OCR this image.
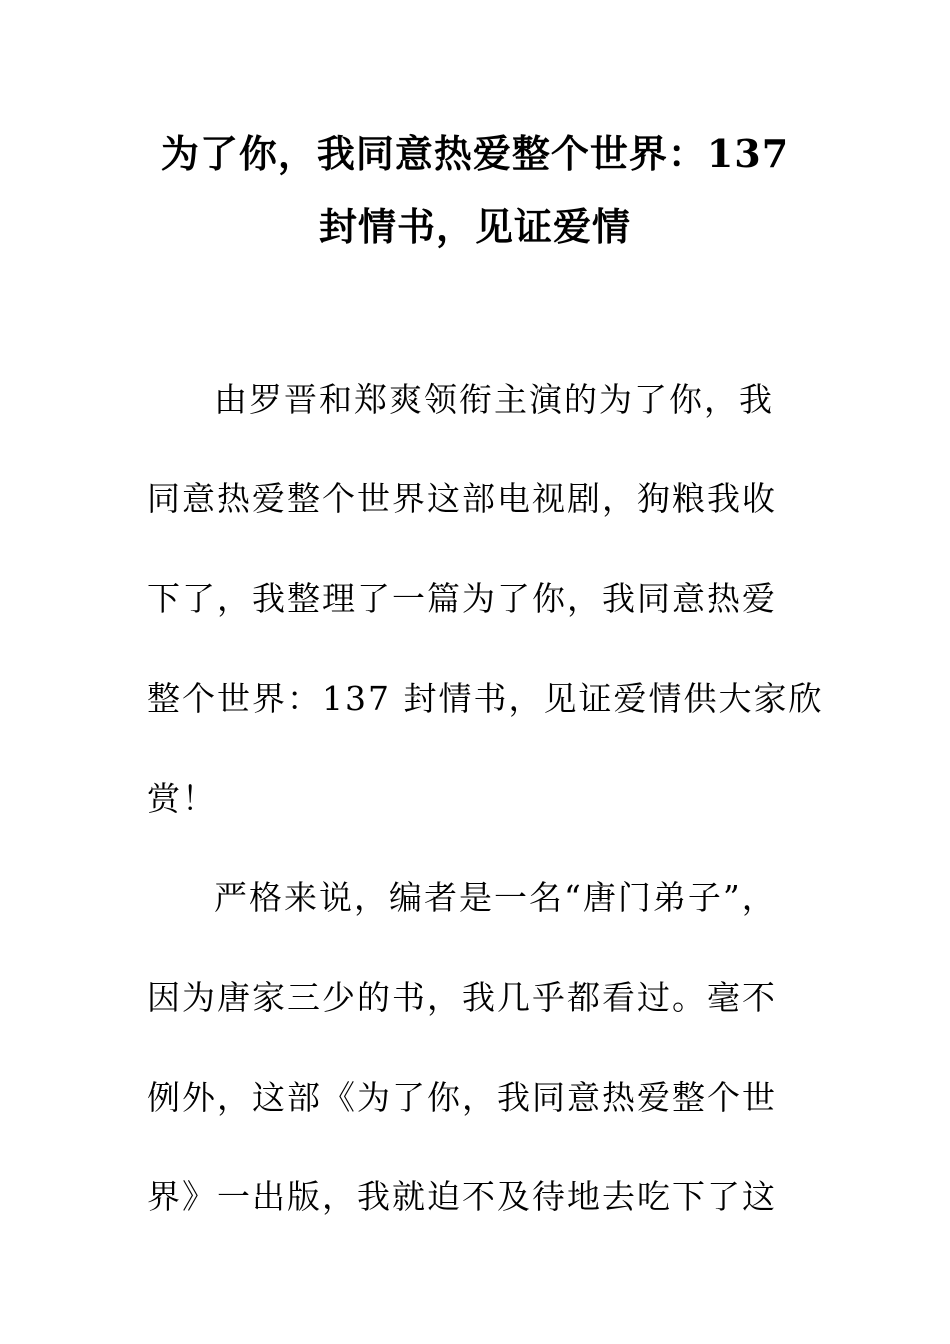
为了你，我同意热爱整个世界：137
封情书，见证爱情
由罗晋和郑爽领衔主演的为了你，我
同意热爱整个世界这部电视剧，狗粮我收
下了，我整理了一篇为了你，我同意热爱
整个世界：137 封情书，见证爱情供大家欣
赏！
严格来说，编者是一名“唐门弟子”，
因为唐家三少的书，我几乎都看过。毫不
例外，这部《为了你，我同意热爱整个世
界》一出版，我就迫不及待地去吃下了这
